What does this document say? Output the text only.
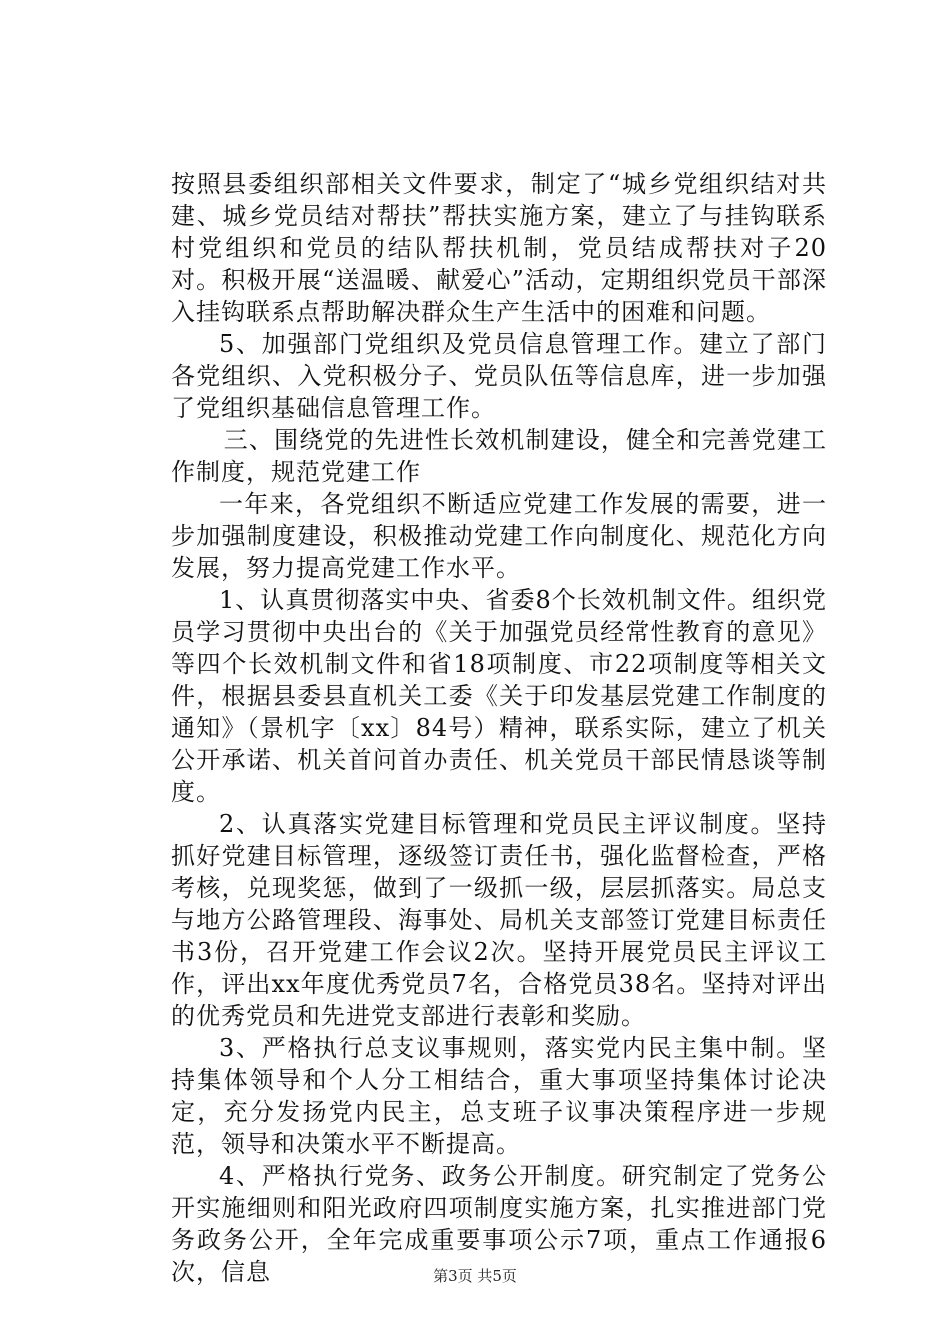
按照县委组织部相关文件要求，制定了“城乡党组织结对共建、城乡党员结对帮扶”帮扶实施方案，建立了与挂钩联系村党组织和党员的结队帮扶机制，党员结成帮扶对子20对。积极开展“送温暖、献爱心”活动，定期组织党员干部深入挂钩联系点帮助解决群众生产生活中的困难和问题。

5、加强部门党组织及党员信息管理工作。建立了部门各党组织、入党积极分子、党员队伍等信息库，进一步加强了党组织基础信息管理工作。

三、围绕党的先进性长效机制建设，健全和完善党建工作制度，规范党建工作

一年来，各党组织不断适应党建工作发展的需要，进一步加强制度建设，积极推动党建工作向制度化、规范化方向发展，努力提高党建工作水平。

1、认真贯彻落实中央、省委8个长效机制文件。组织党员学习贯彻中央出台的《关于加强党员经常性教育的意见》等四个长效机制文件和省18项制度、市22项制度等相关文件，根据县委县直机关工委《关于印发基层党建工作制度的通知》（景机字〔xx〕84号）精神，联系实际，建立了机关公开承诺、机关首问首办责任、机关党员干部民情恳谈等制度。

2、认真落实党建目标管理和党员民主评议制度。坚持抓好党建目标管理，逐级签订责任书，强化监督检查，严格考核，兑现奖惩，做到了一级抓一级，层层抓落实。局总支与地方公路管理段、海事处、局机关支部签订党建目标责任书3份，召开党建工作会议2次。坚持开展党员民主评议工作，评出xx年度优秀党员7名，合格党员38名。坚持对评出的优秀党员和先进党支部进行表彰和奖励。

3、严格执行总支议事规则，落实党内民主集中制。坚持集体领导和个人分工相结合，重大事项坚持集体讨论决定，充分发扬党内民主，总支班子议事决策程序进一步规范，领导和决策水平不断提高。

4、严格执行党务、政务公开制度。研究制定了党务公开实施细则和阳光政府四项制度实施方案，扎实推进部门党务政务公开，全年完成重要事项公示7项，重点工作通报6次，信息	第3页 共5页
